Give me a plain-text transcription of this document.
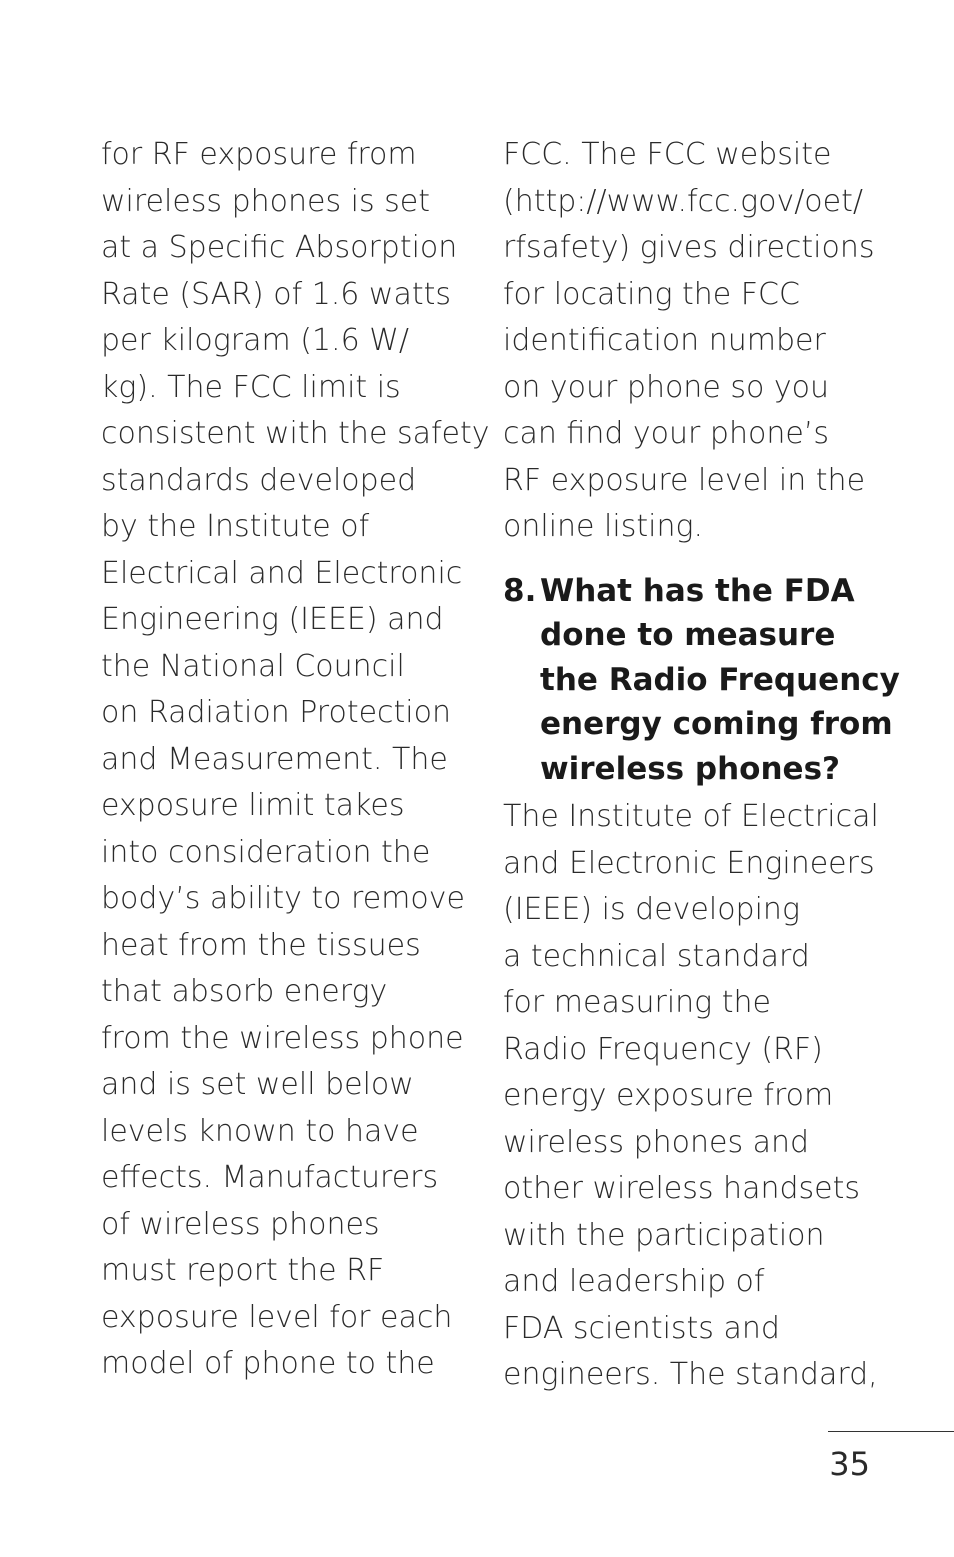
for RF exposure from
wireless phones is set
at a Specific Absorption
Rate (SAR) of 1.6 watts
per kilogram (1.6 W/
kg). The FCC limit is
consistent with the safety
standards developed
by the Institute of
Electrical and Electronic
Engineering (IEEE) and
the National Council
on Radiation Protection
and Measurement. The
exposure limit takes
into consideration the
body’s ability to remove
heat from the tissues
that absorb energy
from the wireless phone
and is set well below
levels known to have
effects. Manufacturers
of wireless phones
must report the RF
exposure level for each
model of phone to the
FCC. The FCC website
(http://www.fcc.gov/oet/
rfsafety) gives directions
for locating the FCC
identification number
on your phone so you
can find your phone’s
RF exposure level in the
online listing.
8. What has the FDA
done to measure
the Radio Frequency
energy coming from
wireless phones?
The Institute of Electrical
and Electronic Engineers
(IEEE) is developing
a technical standard
for measuring the
Radio Frequency (RF)
energy exposure from
wireless phones and
other wireless handsets
with the participation
and leadership of
FDA scientists and
engineers. The standard,
35
